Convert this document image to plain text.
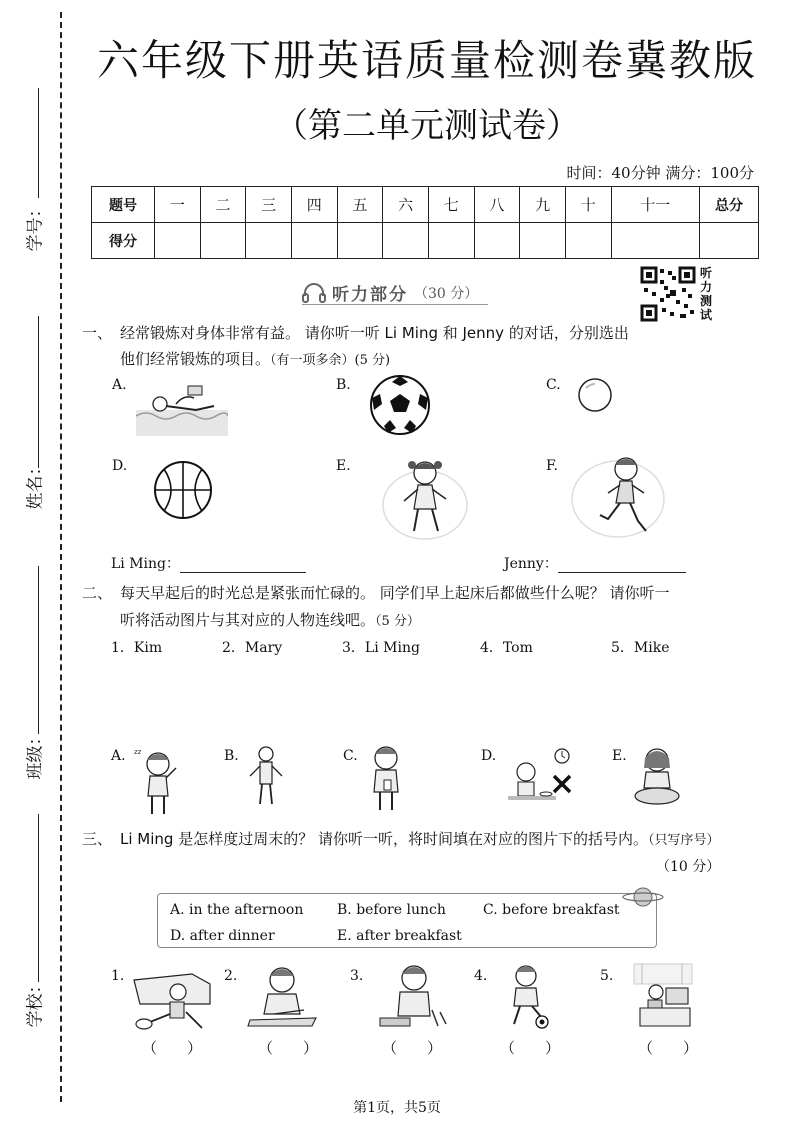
学号：
姓名：
班级：
学校：
六年级下册英语质量检测卷冀教版
（第二单元测试卷）
时间：40分钟 满分：100分
题号	一	二	三	四	五	六	七	八	九	十	十一	总分
得分												
听力部分 （30 分）
听力测试
一、 经常锻炼对身体非常有益。 请你听一听 Li Ming 和 Jenny 的对话，分别选出
他们经常锻炼的项目。（有一项多余）(5 分)
A.	B.	C.
D.	E.	F.
Li Ming：	Jenny：
二、 每天早起后的时光总是紧张而忙碌的。 同学们早上起床后都做些什么呢？ 请你听一
听将活动图片与其对应的人物连线吧。（5 分）
1．Kim	2．Mary	3．Li Ming	4．Tom	5．Mike
A. zz	B.	C.	D.	E.
三、 Li Ming 是怎样度过周末的？ 请你听一听，将时间填在对应的图片下的括号内。（只写序号）
（10 分）
A. in the afternoon B. before lunch	C. before breakfast
D. after dinner	E. after breakfast
1.	2.	3.	4.	5.
（　　）	（　　）	（　　）	（　　）	（　　）
第1页，共5页
